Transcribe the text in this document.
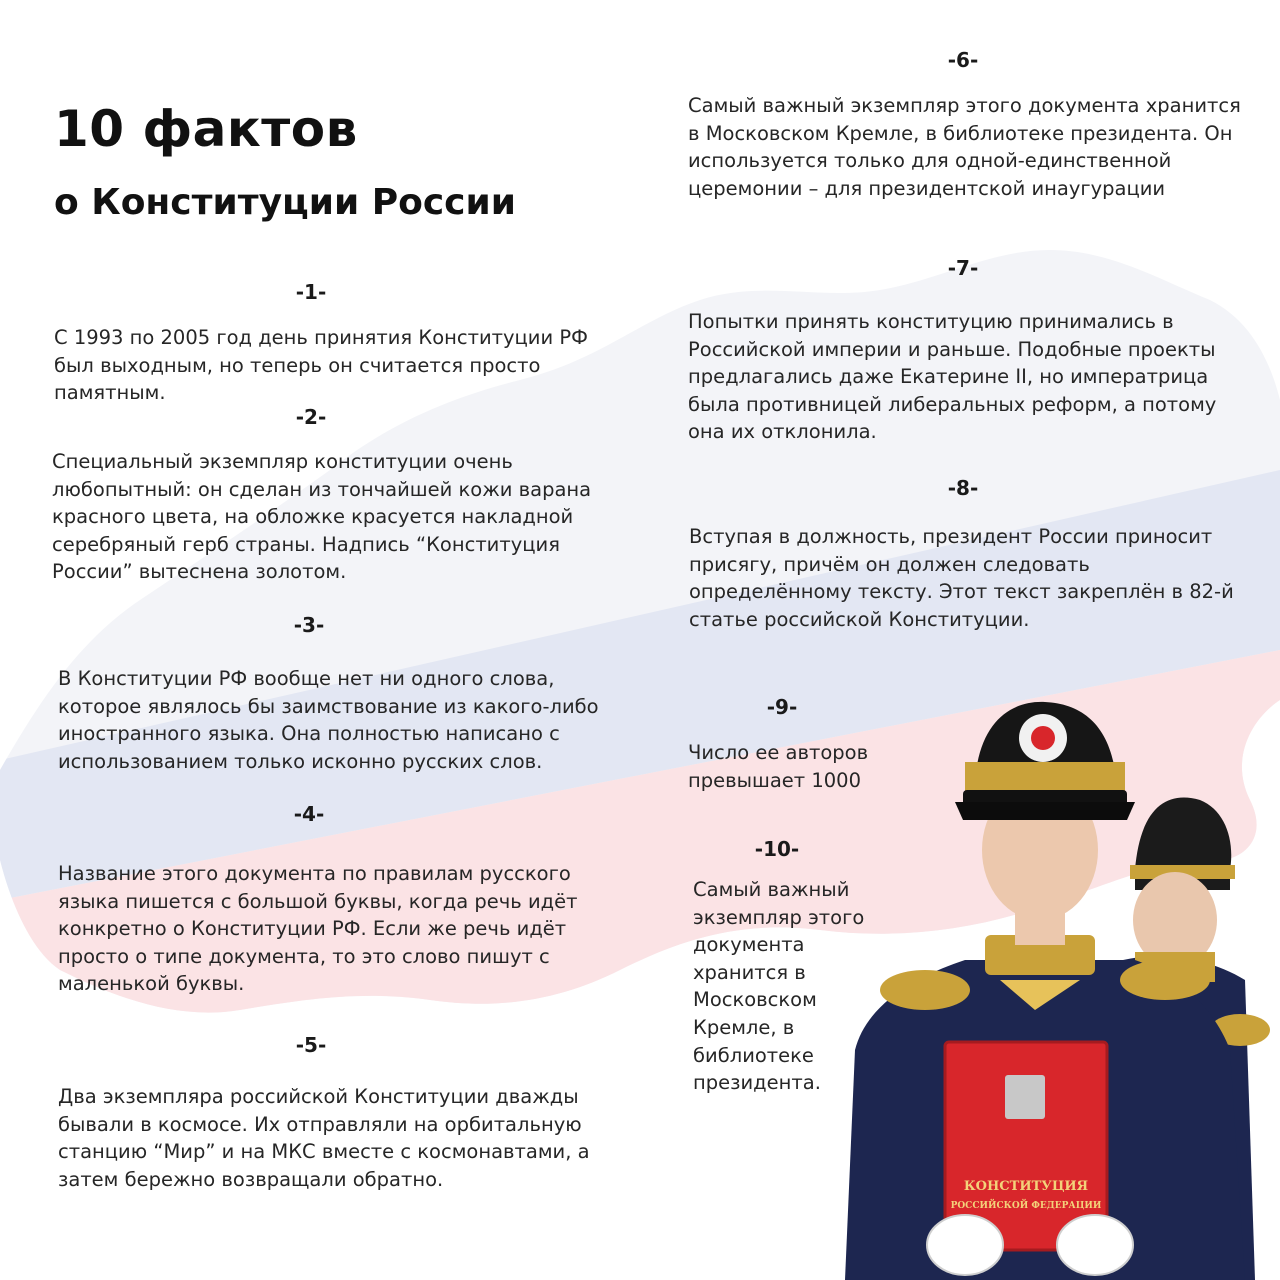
КОНСТИТУЦИЯ
РОССИЙСКОЙ ФЕДЕРАЦИИ
10 фактов
о Конституции России
-1-

С 1993 по 2005 год день принятия Конституции РФ был выходным, но теперь он считается просто памятным.

-2-

Специальный экземпляр конституции очень любопытный: он сделан из тончайшей кожи варана красного цвета, на обложке красуется накладной серебряный герб страны. Надпись “Конституция России” вытеснена золотом.

-3-

В Конституции РФ вообще нет ни одного слова, которое являлось бы заимствование из какого-либо иностранного языка. Она полностью написано с использованием только исконно русских слов.

-4-

Название этого документа по правилам русского языка пишется с большой буквы, когда речь идёт конкретно о Конституции РФ. Если же речь идёт просто о типе документа, то это слово пишут с маленькой буквы.

-5-

Два экземпляра российской Конституции дважды бывали в космосе. Их отправляли на орбитальную станцию “Мир” и на МКС вместе с космонавтами, а затем бережно возвращали обратно.

-6-

Самый важный экземпляр этого документа хранится в Московском Кремле, в библиотеке президента. Он используется только для одной-единственной церемонии – для президентской инаугурации

-7-

Попытки принять конституцию принимались в Российской империи и раньше. Подобные проекты предлагались даже Екатерине II, но императрица была противницей либеральных реформ, а потому она их отклонила.

-8-

Вступая в должность, президент России приносит присягу, причём он должен следовать определённому тексту. Этот текст закреплён в 82-й статье российской Конституции.

-9-

Число ее авторов превышает 1000

-10-

Самый важный экземпляр этого документа хранится в Московском Кремле, в библиотеке президента.
